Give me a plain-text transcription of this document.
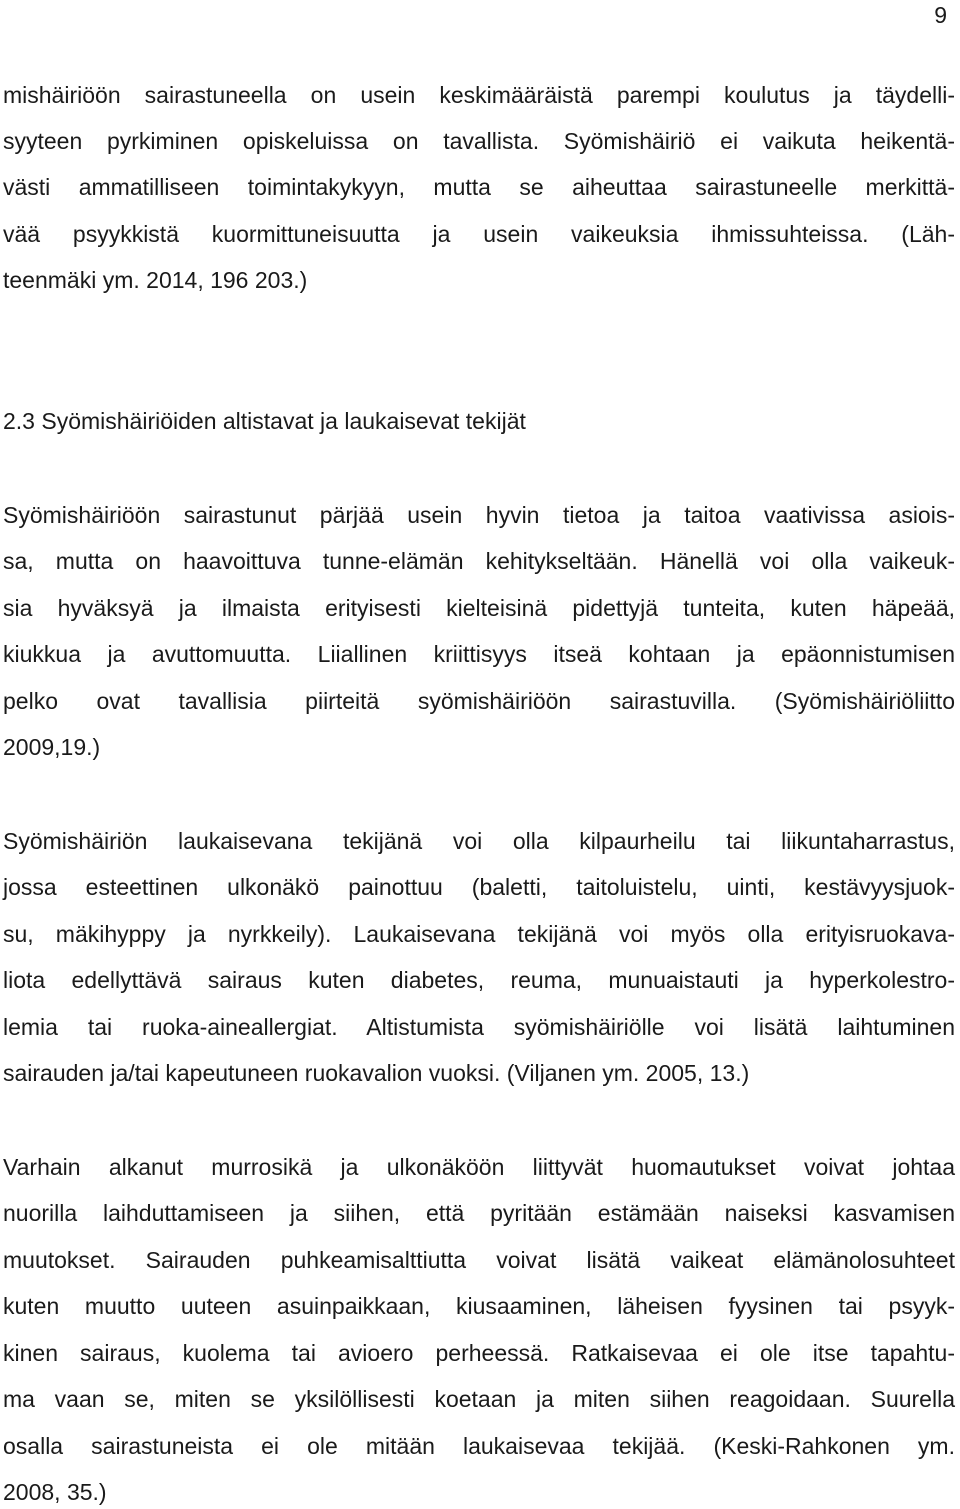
9
mishäiriöön sairastuneella on usein keskimääräistä parempi koulutus ja täydelli-
syyteen pyrkiminen opiskeluissa on tavallista. Syömishäiriö ei vaikuta heikentä-
västi ammatilliseen toimintakykyyn, mutta se aiheuttaa sairastuneelle merkittä-
vää psyykkistä kuormittuneisuutta ja usein vaikeuksia ihmissuhteissa. (Läh-
teenmäki ym. 2014, 196 203.)
2.3 Syömishäiriöiden altistavat ja laukaisevat tekijät
Syömishäiriöön sairastunut pärjää usein hyvin tietoa ja taitoa vaativissa asiois-
sa, mutta on haavoittuva tunne-elämän kehitykseltään. Hänellä voi olla vaikeuk-
sia hyväksyä ja ilmaista erityisesti kielteisinä pidettyjä tunteita, kuten häpeää,
kiukkua ja avuttomuutta. Liiallinen kriittisyys itseä kohtaan ja epäonnistumisen
pelko ovat tavallisia piirteitä syömishäiriöön sairastuvilla. (Syömishäiriöliitto
2009,19.)
Syömishäiriön laukaisevana tekijänä voi olla kilpaurheilu tai liikuntaharrastus,
jossa esteettinen ulkonäkö painottuu (baletti, taitoluistelu, uinti, kestävyysjuok-
su, mäkihyppy ja nyrkkeily). Laukaisevana tekijänä voi myös olla erityisruokava-
liota edellyttävä sairaus kuten diabetes, reuma, munuaistauti ja hyperkolestro-
lemia tai ruoka-aineallergiat. Altistumista syömishäiriölle voi lisätä laihtuminen
sairauden ja/tai kapeutuneen ruokavalion vuoksi. (Viljanen ym. 2005, 13.)
Varhain alkanut murrosikä ja ulkonäköön liittyvät huomautukset voivat johtaa
nuorilla laihduttamiseen ja siihen, että pyritään estämään naiseksi kasvamisen
muutokset. Sairauden puhkeamisalttiutta voivat lisätä vaikeat elämänolosuhteet
kuten muutto uuteen asuinpaikkaan, kiusaaminen, läheisen fyysinen tai psyyk-
kinen sairaus, kuolema tai avioero perheessä. Ratkaisevaa ei ole itse tapahtu-
ma vaan se, miten se yksilöllisesti koetaan ja miten siihen reagoidaan. Suurella
osalla sairastuneista ei ole mitään laukaisevaa tekijää. (Keski-Rahkonen ym.
2008, 35.)
